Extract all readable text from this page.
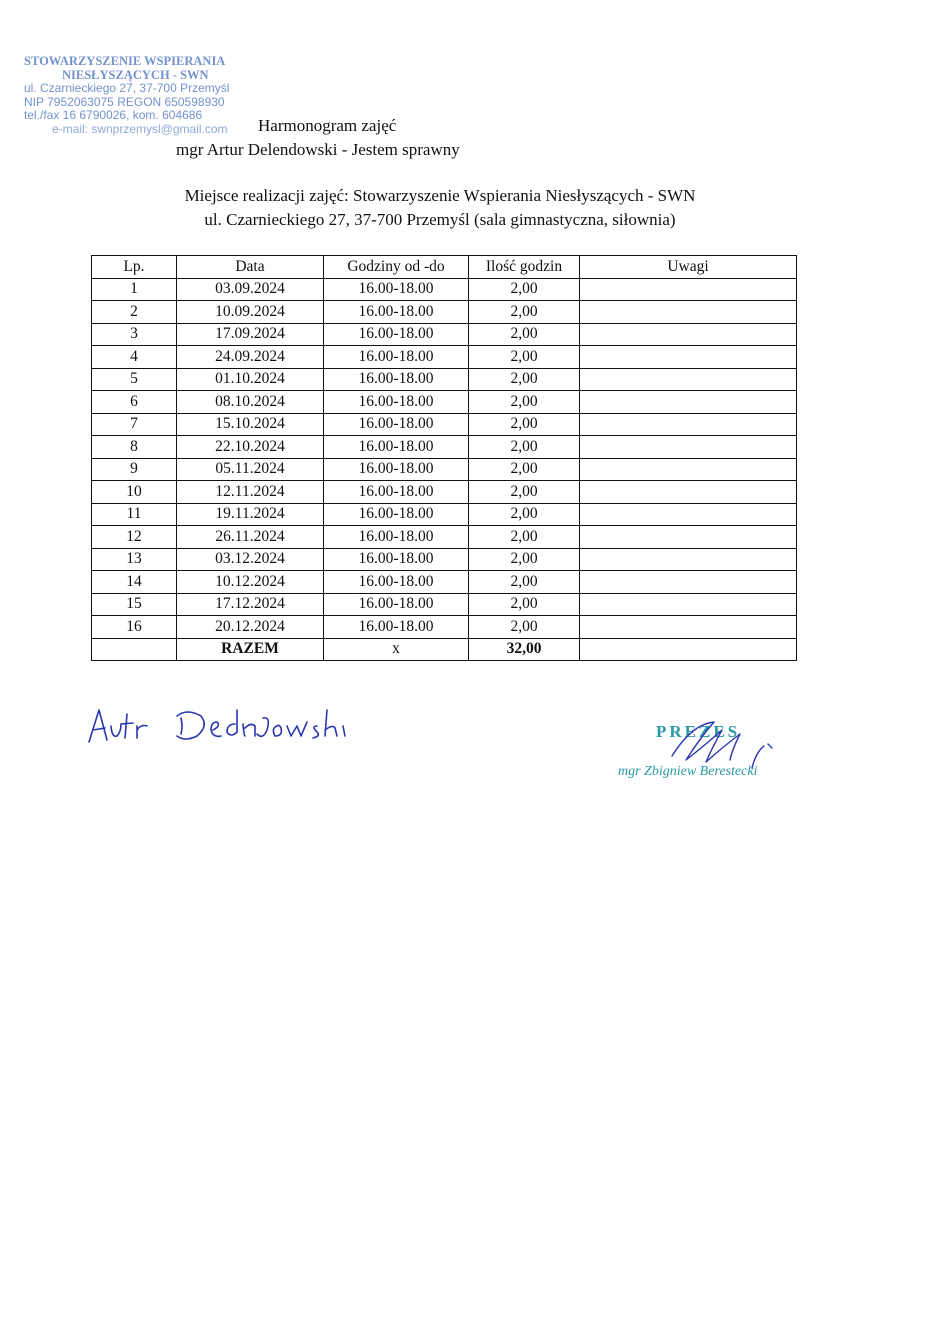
STOWARZYSZENIE WSPIERANIA
NIESŁYSZĄCYCH - SWN
ul. Czarnieckiego 27, 37-700 Przemyśl
NIP 7952063075 REGON 650598930
tel./fax 16 6790026, kom. 604686
e-mail: swnprzemysl@gmail.com	Harmonogram zajęć
mgr Artur Delendowski - Jestem sprawny
Miejsce realizacji zajęć: Stowarzyszenie Wspierania Niesłyszących - SWN
ul. Czarnieckiego 27, 37-700 Przemyśl (sala gimnastyczna, siłownia)
Lp.	Data	Godziny od -do	Ilość godzin	Uwagi
1	03.09.2024	16.00-18.00	2,00	
2	10.09.2024	16.00-18.00	2,00	
3	17.09.2024	16.00-18.00	2,00	
4	24.09.2024	16.00-18.00	2,00	
5	01.10.2024	16.00-18.00	2,00	
6	08.10.2024	16.00-18.00	2,00	
7	15.10.2024	16.00-18.00	2,00	
8	22.10.2024	16.00-18.00	2,00	
9	05.11.2024	16.00-18.00	2,00	
10	12.11.2024	16.00-18.00	2,00	
11	19.11.2024	16.00-18.00	2,00	
12	26.11.2024	16.00-18.00	2,00	
13	03.12.2024	16.00-18.00	2,00	
14	10.12.2024	16.00-18.00	2,00	
15	17.12.2024	16.00-18.00	2,00	
16	20.12.2024	16.00-18.00	2,00	
	RAZEM	x	32,00	
PREZES
mgr Zbigniew Berestecki
